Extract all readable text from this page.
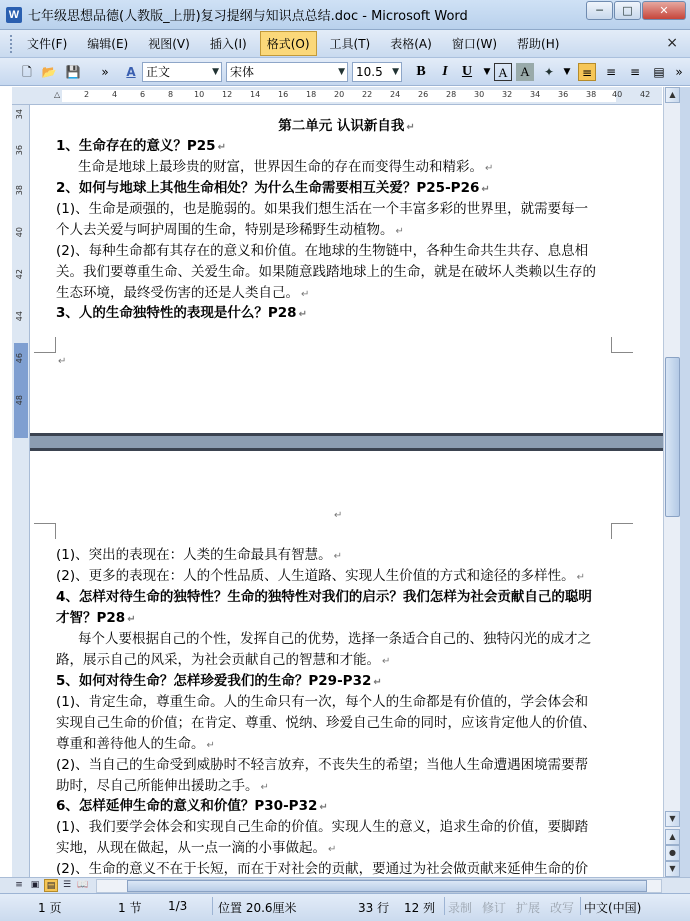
W 七年级思想品德(人教版_上册)复习提纲与知识点总结.doc - Microsoft Word	─	□	✕
文件(F)	编辑(E)	视图(V)	插入(I)	格式(O)	工具(T)	表格(A)	窗口(W)	帮助(H)	×
🗋 📂 💾	»	A 正文	▼ 宋体	▼ 10.5 ▼	B	I	U	▼ A A	✦	▼ ≡	≡	≡	▤ »
△	2	4	6	8	10 12 14 16 18 20 22 24 26 28 30 32 34 36 38 40 42
34
36
38
40
42
44
46
48
第二单元 认识新自我 ↵
1、生命存在的意义？P25 ↵
生命是地球上最珍贵的财富，世界因生命的存在而变得生动和精彩。 ↵
2、如何与地球上其他生命相处？为什么生命需要相互关爱？P25-P26 ↵
(1)、生命是顽强的，也是脆弱的。如果我们想生活在一个丰富多彩的世界里，就需要每一
个人去关爱与呵护周围的生命，特别是珍稀野生动植物。 ↵
(2)、每种生命都有其存在的意义和价值。在地球的生物链中，各种生命共生共存、息息相
关。我们要尊重生命、关爱生命。如果随意践踏地球上的生命，就是在破坏人类赖以生存的
生态环境，最终受伤害的还是人类自己。 ↵
3、人的生命独特性的表现是什么？P28 ↵
↵
↵
(1)、突出的表现在：人类的生命最具有智慧。 ↵
(2)、更多的表现在：人的个性品质、人生道路、实现人生价值的方式和途径的多样性。 ↵
4、怎样对待生命的独特性？生命的独特性对我们的启示？我们怎样为社会贡献自己的聪明
才智？P28 ↵
每个人要根据自己的个性，发挥自己的优势，选择一条适合自己的、独特闪光的成才之
路，展示自己的风采，为社会贡献自己的智慧和才能。 ↵
5、如何对待生命？怎样珍爱我们的生命？P29-P32 ↵
(1)、肯定生命，尊重生命。人的生命只有一次，每个人的生命都是有价值的，学会体会和
实现自己生命的价值；在肯定、尊重、悦纳、珍爱自己生命的同时，应该肯定他人的价值、
尊重和善待他人的生命。 ↵
(2)、当自己的生命受到威胁时不轻言放弃，不丧失生的希望；当他人生命遭遇困境需要帮
助时，尽自己所能伸出援助之手。 ↵
6、怎样延伸生命的意义和价值？P30-P32 ↵
(1)、我们要学会体会和实现自己生命的价值。实现人生的意义，追求生命的价值，要脚踏
实地，从现在做起，从一点一滴的小事做起。 ↵
(2)、生命的意义不在于长短，而在于对社会的贡献，要通过为社会做贡献来延伸生命的价
▲
▼
▲
●
▼
≡ ▣ ▤ ☰ 📖
1 页	1 节 1/3	位置 20.6厘米	33 行 12 列 录制 修订 扩展 改写 中文(中国)
